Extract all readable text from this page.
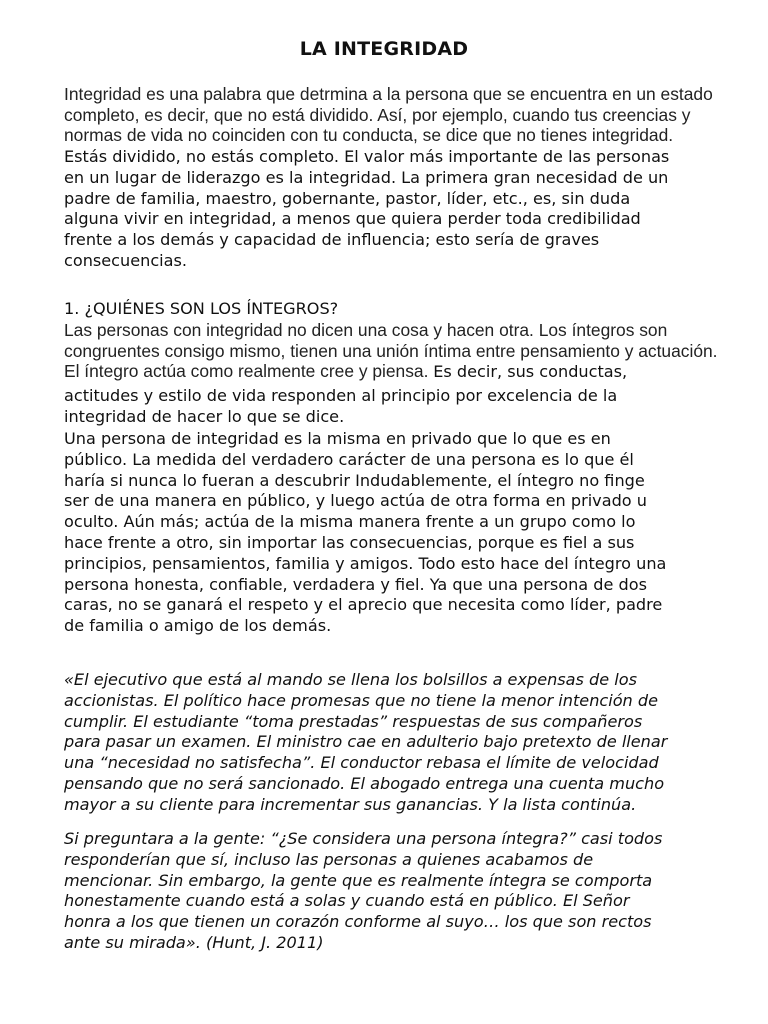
LA INTEGRIDAD

Integridad es una palabra que detrmina a la persona que se encuentra en un estado
completo, es decir, que no está dividido. Así, por ejemplo, cuando tus creencias y
normas de vida no coinciden con tu conducta, se dice que no tienes integridad.

Estás dividido, no estás completo. El valor más importante de las personas
en un lugar de liderazgo es la integridad. La primera gran necesidad de un
padre de familia, maestro, gobernante, pastor, líder, etc., es, sin duda
alguna vivir en integridad, a menos que quiera perder toda credibilidad
frente a los demás y capacidad de influencia; esto sería de graves
consecuencias.

1. ¿QUIÉNES SON LOS ÍNTEGROS?

Las personas con integridad no dicen una cosa y hacen otra. Los íntegros son
congruentes consigo mismo, tienen una unión íntima entre pensamiento y actuación.
El íntegro actúa como realmente cree y piensa. Es decir, sus conductas,

actitudes y estilo de vida responden al principio por excelencia de la
integridad de hacer lo que se dice.

Una persona de integridad es la misma en privado que lo que es en
público. La medida del verdadero carácter de una persona es lo que él
haría si nunca lo fueran a descubrir Indudablemente, el íntegro no finge
ser de una manera en público, y luego actúa de otra forma en privado u
oculto. Aún más; actúa de la misma manera frente a un grupo como lo
hace frente a otro, sin importar las consecuencias, porque es fiel a sus
principios, pensamientos, familia y amigos. Todo esto hace del íntegro una
persona honesta, confiable, verdadera y fiel. Ya que una persona de dos
caras, no se ganará el respeto y el aprecio que necesita como líder, padre
de familia o amigo de los demás.

«El ejecutivo que está al mando se llena los bolsillos a expensas de los
accionistas. El político hace promesas que no tiene la menor intención de
cumplir. El estudiante “toma prestadas” respuestas de sus compañeros
para pasar un examen. El ministro cae en adulterio bajo pretexto de llenar
una “necesidad no satisfecha”. El conductor rebasa el límite de velocidad
pensando que no será sancionado. El abogado entrega una cuenta mucho
mayor a su cliente para incrementar sus ganancias. Y la lista continúa.

Si preguntara a la gente: “¿Se considera una persona íntegra?” casi todos
responderían que sí, incluso las personas a quienes acabamos de
mencionar. Sin embargo, la gente que es realmente íntegra se comporta
honestamente cuando está a solas y cuando está en público. El Señor
honra a los que tienen un corazón conforme al suyo… los que son rectos
ante su mirada». (Hunt, J. 2011)
